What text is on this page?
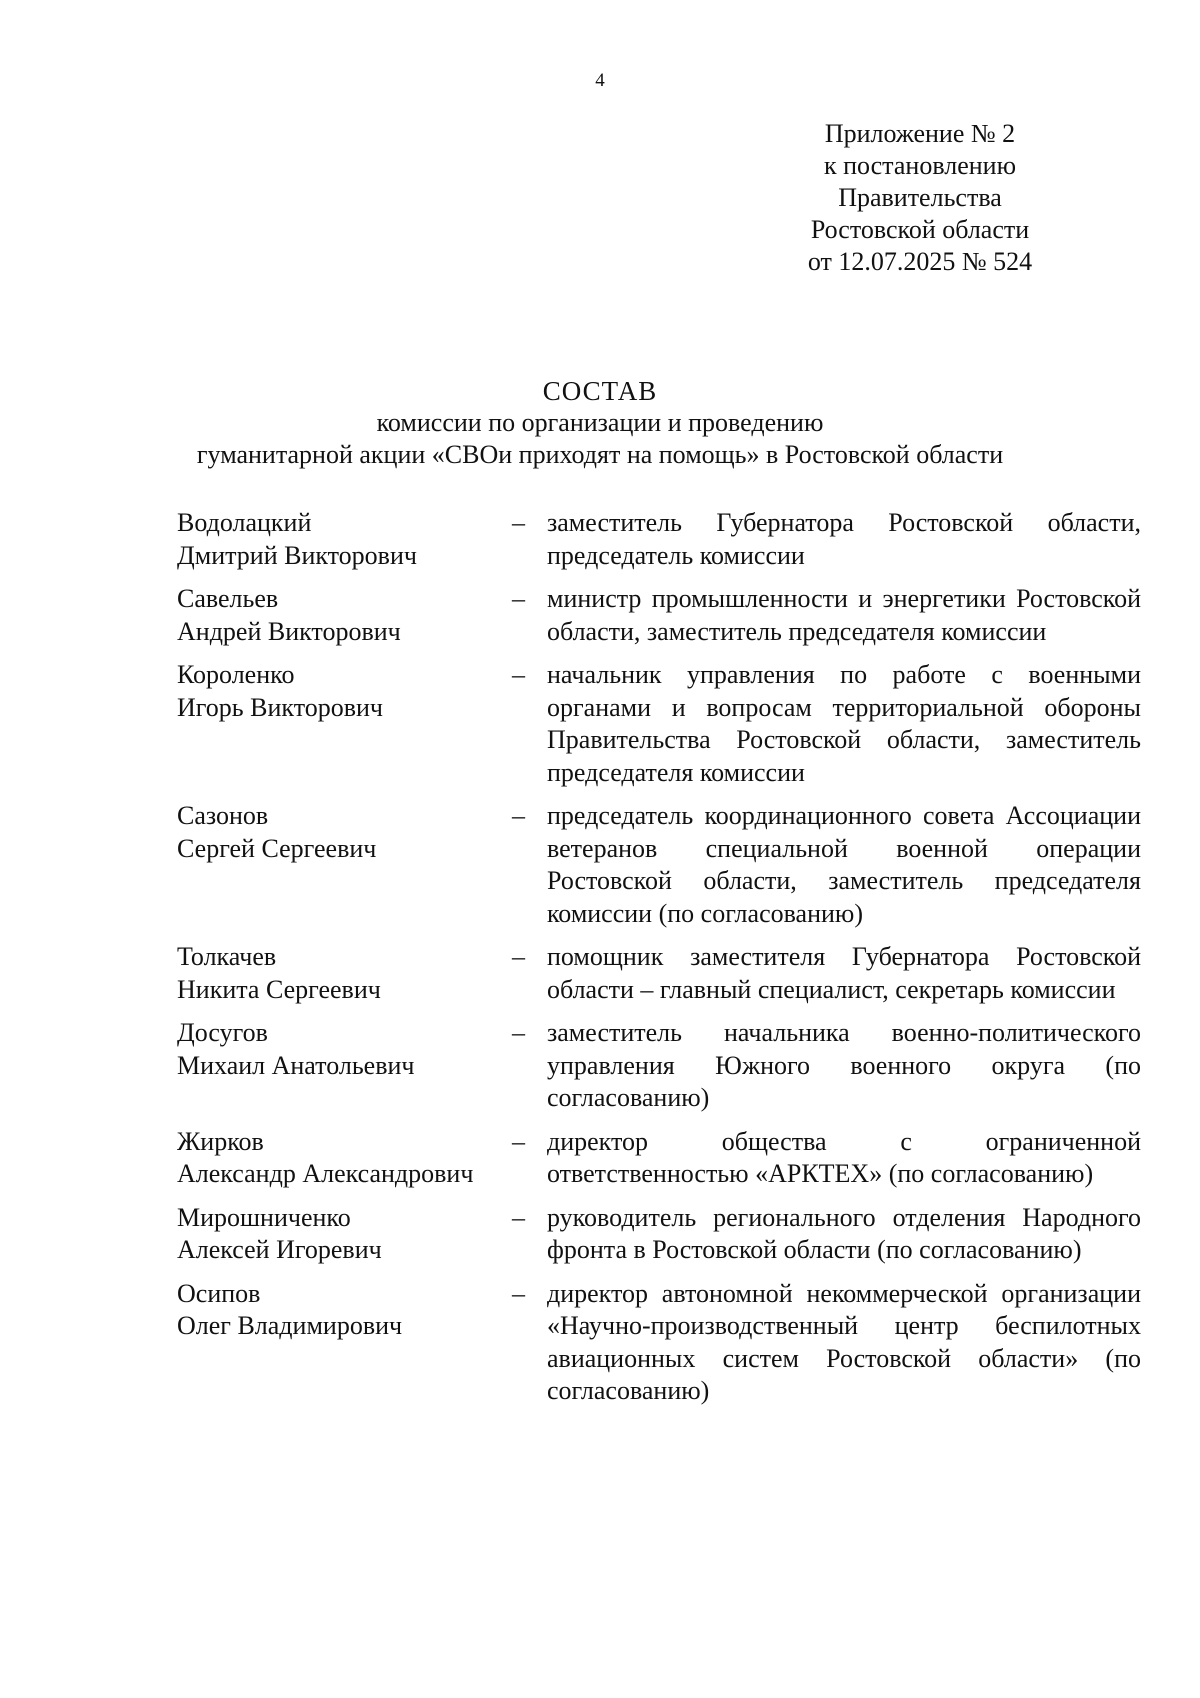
4
Приложение № 2
к постановлению
Правительства
Ростовской области
от 12.07.2025 № 524
СОСТАВ
комиссии по организации и проведению
гуманитарной акции «СВОи приходят на помощь» в Ростовской области
Водолацкий
Дмитрий Викторович
– заместитель Губернатора Ростовской области, председатель комиссии
Савельев
Андрей Викторович
– министр промышленности и энергетики Ростовской области, заместитель председателя комиссии
Короленко
Игорь Викторович
– начальник управления по работе с военными органами и вопросам территориальной обороны Правительства Ростовской области, заместитель председателя комиссии
Сазонов
Сергей Сергеевич
– председатель координационного совета Ассоциации ветеранов специальной военной операции Ростовской области, заместитель председателя комиссии (по согласованию)
Толкачев
Никита Сергеевич
– помощник заместителя Губернатора Ростовской области – главный специалист, секретарь комиссии
Досугов
Михаил Анатольевич
– заместитель начальника военно-политического управления Южного военного округа (по согласованию)
Жирков
Александр Александрович
– директор общества с ограниченной ответственностью «АРКТЕХ» (по согласованию)
Мирошниченко
Алексей Игоревич
– руководитель регионального отделения Народного фронта в Ростовской области (по согласованию)
Осипов
Олег Владимирович
– директор автономной некоммерческой организации «Научно-производственный центр беспилотных авиационных систем Ростовской области» (по согласованию)
